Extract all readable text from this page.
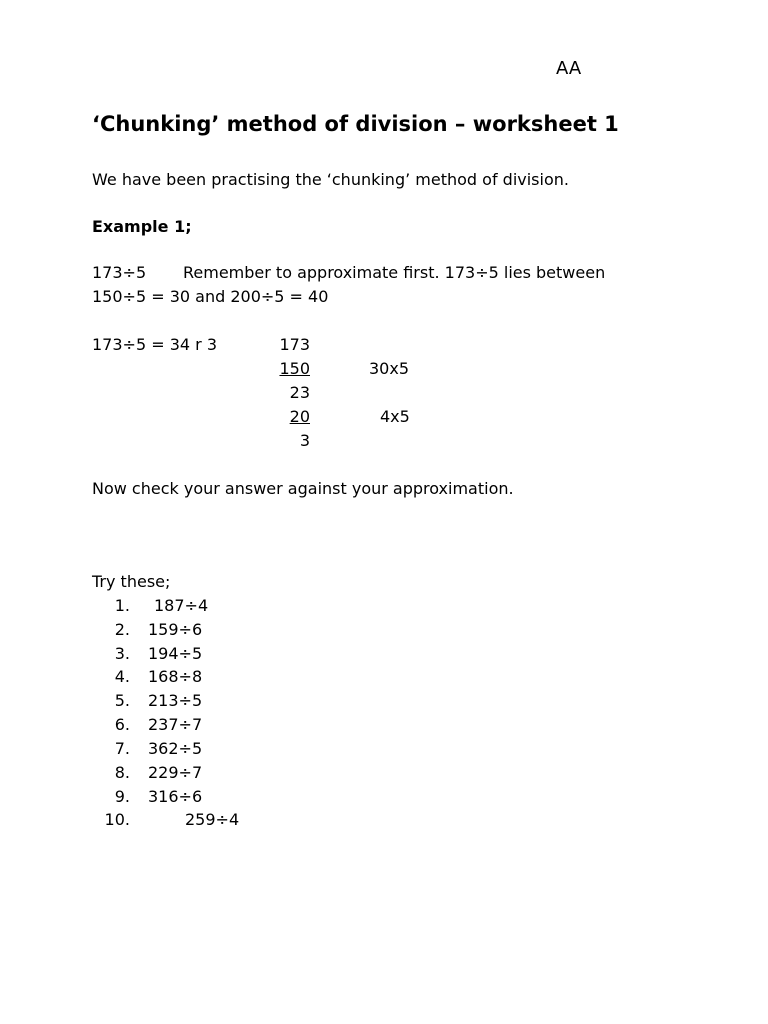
AA
‘Chunking’ method of division – worksheet 1
We have been practising the ‘chunking’ method of division.
Example 1;
173÷5 Remember to approximate first. 173÷5 lies between
150÷5 = 30 and 200÷5 = 40
173÷5 = 34 r 3	173
150
23
20
3
30x5
4x5
Now check your answer against your approximation.
Try these;
1. 187÷4
2. 159÷6
3. 194÷5
4. 168÷8
5. 213÷5
6. 237÷7
7. 362÷5
8. 229÷7
9. 316÷6
10.	259÷4
